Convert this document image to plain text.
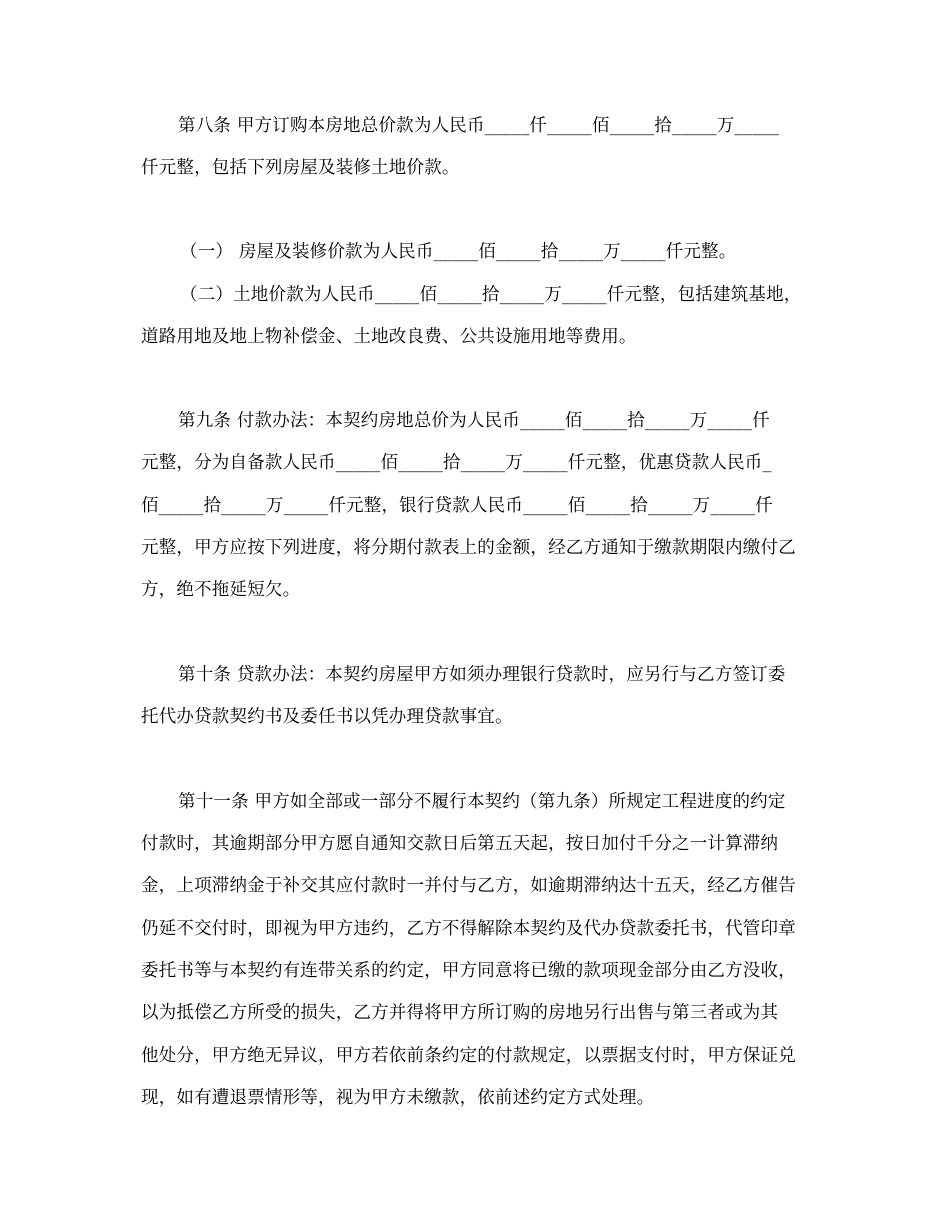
第八条 甲方订购本房地总价款为人民币_____仟_____佰_____拾_____万_____
仟元整，包括下列房屋及装修土地价款。
（一） 房屋及装修价款为人民币_____佰_____拾_____万_____仟元整。
（二）土地价款为人民币_____佰_____拾_____万_____仟元整，包括建筑基地，
道路用地及地上物补偿金、土地改良费、公共设施用地等费用。
第九条 付款办法：本契约房地总价为人民币_____佰_____拾_____万_____仟
元整，分为自备款人民币_____佰_____拾_____万_____仟元整，优惠贷款人民币_
佰_____拾_____万_____仟元整，银行贷款人民币_____佰_____拾_____万_____仟
元整，甲方应按下列进度，将分期付款表上的金额，经乙方通知于缴款期限内缴付乙
方，绝不拖延短欠。
第十条 贷款办法：本契约房屋甲方如须办理银行贷款时，应另行与乙方签订委
托代办贷款契约书及委任书以凭办理贷款事宜。
第十一条 甲方如全部或一部分不履行本契约（第九条）所规定工程进度的约定
付款时，其逾期部分甲方愿自通知交款日后第五天起，按日加付千分之一计算滞纳
金，上项滞纳金于补交其应付款时一并付与乙方，如逾期滞纳达十五天，经乙方催告
仍延不交付时，即视为甲方违约，乙方不得解除本契约及代办贷款委托书，代管印章
委托书等与本契约有连带关系的约定，甲方同意将已缴的款项现金部分由乙方没收，
以为抵偿乙方所受的损失，乙方并得将甲方所订购的房地另行出售与第三者或为其
他处分，甲方绝无异议，甲方若依前条约定的付款规定，以票据支付时，甲方保证兑
现，如有遭退票情形等，视为甲方未缴款，依前述约定方式处理。
